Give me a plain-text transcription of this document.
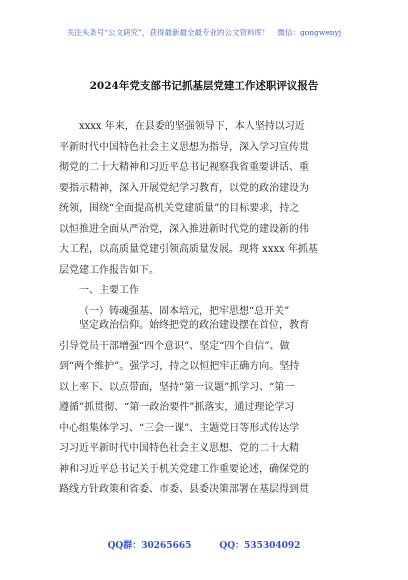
关注头条号“公文研究”，获得最新最全最专业的公文资料库！ 微信：gongwenyj
2024年党支部书记抓基层党建工作述职评议报告
xxxx 年来，在县委的坚强领导下，本人坚持以习近
平新时代中国特色社会主义思想为指导，深入学习宣传贯
彻党的二十大精神和习近平总书记视察我省重要讲话、重
要指示精神，深入开展党纪学习教育，以党的政治建设为
统领，围绕“全面提高机关党建质量”的目标要求，持之
以恒推进全面从严治党，深入推进新时代党的建设新的伟
大工程，以高质量党建引领高质量发展。现将 xxxx 年抓基
层党建工作报告如下。
一、主要工作
（一）铸魂强基、固本培元，把牢思想“总开关”
坚定政治信仰。始终把党的政治建设摆在首位，教育
引导党员干部增强“四个意识”、坚定“四个自信”、做
到“两个维护”。强学习，持之以恒把牢正确方向。坚持
以上率下、以点带面，坚持“第一议题”抓学习、“第一
遵循”抓贯彻、“第一政治要件”抓落实，通过理论学习
中心组集体学习、“三会一课”、主题党日等形式传达学
习习近平新时代中国特色社会主义思想、党的二十大精
神和习近平总书记关于机关党建工作重要论述，确保党的
路线方针政策和省委、市委、县委决策部署在基层得到贯
QQ群：30265665	QQ：535304092
